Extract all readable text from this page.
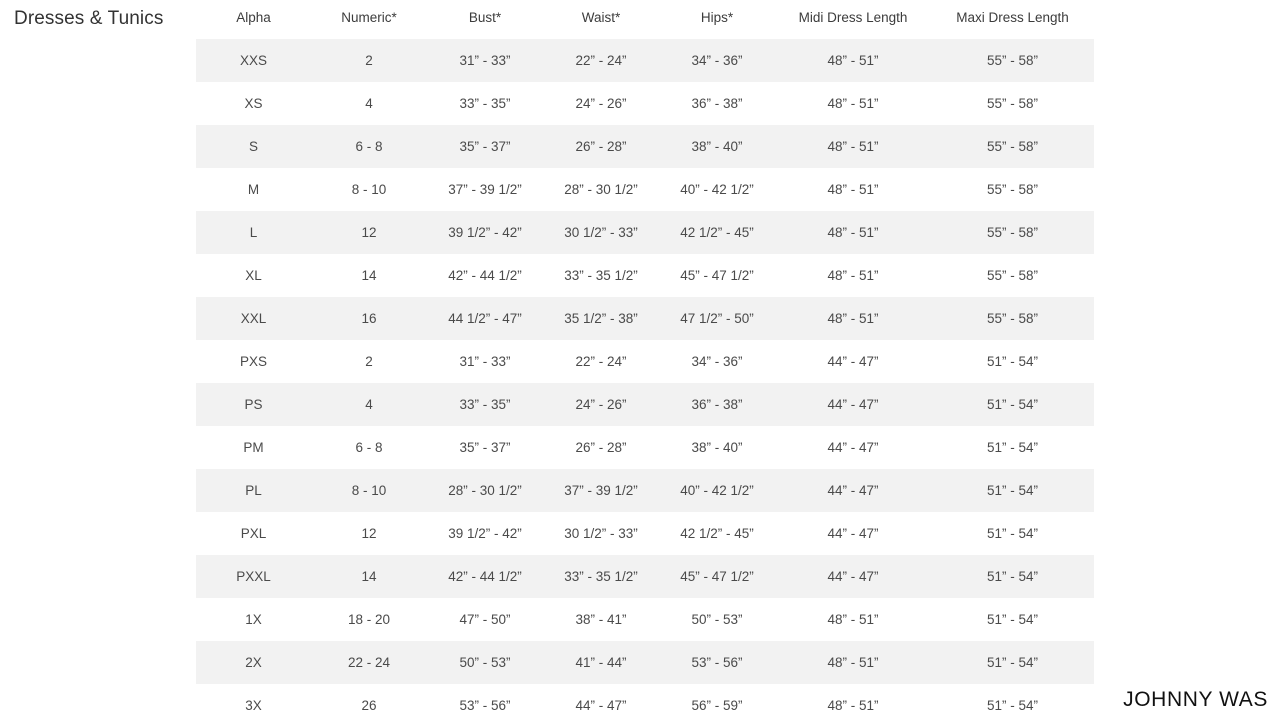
Dresses & Tunics	Alpha	Numeric*	Bust*	Waist*	Hips*	Midi Dress Length	Maxi Dress Length
XXS	2	31” - 33”	22” - 24”	34” - 36”	48” - 51”	55” - 58”
XS	4	33” - 35”	24” - 26”	36” - 38”	48” - 51”	55” - 58”
S	6 - 8	35” - 37”	26” - 28”	38” - 40”	48” - 51”	55” - 58”
M	8 - 10	37” - 39 1/2”	28” - 30 1/2”	40” - 42 1/2”	48” - 51”	55” - 58”
L	12	39 1/2” - 42”	30 1/2” - 33”	42 1/2” - 45”	48” - 51”	55” - 58”
XL	14	42” - 44 1/2”	33” - 35 1/2”	45” - 47 1/2”	48” - 51”	55” - 58”
XXL	16	44 1/2” - 47”	35 1/2” - 38”	47 1/2” - 50”	48” - 51”	55” - 58”
PXS	2	31” - 33”	22” - 24”	34” - 36”	44” - 47”	51” - 54”
PS	4	33” - 35”	24” - 26”	36” - 38”	44” - 47”	51” - 54”
PM	6 - 8	35” - 37”	26” - 28”	38” - 40”	44” - 47”	51” - 54”
PL	8 - 10	28” - 30 1/2”	37” - 39 1/2”	40” - 42 1/2”	44” - 47”	51” - 54”
PXL	12	39 1/2” - 42”	30 1/2” - 33”	42 1/2” - 45”	44” - 47”	51” - 54”
PXXL	14	42” - 44 1/2”	33” - 35 1/2”	45” - 47 1/2”	44” - 47”	51” - 54”
1X	18 - 20	47” - 50”	38” - 41”	50” - 53”	48” - 51”	51” - 54”
2X	22 - 24	50” - 53”	41” - 44”	53” - 56”	48” - 51”	51” - 54”
3X	26	53” - 56”	44” - 47”	56” - 59”	48” - 51”	51” - 54”	JOHNNY WAS
